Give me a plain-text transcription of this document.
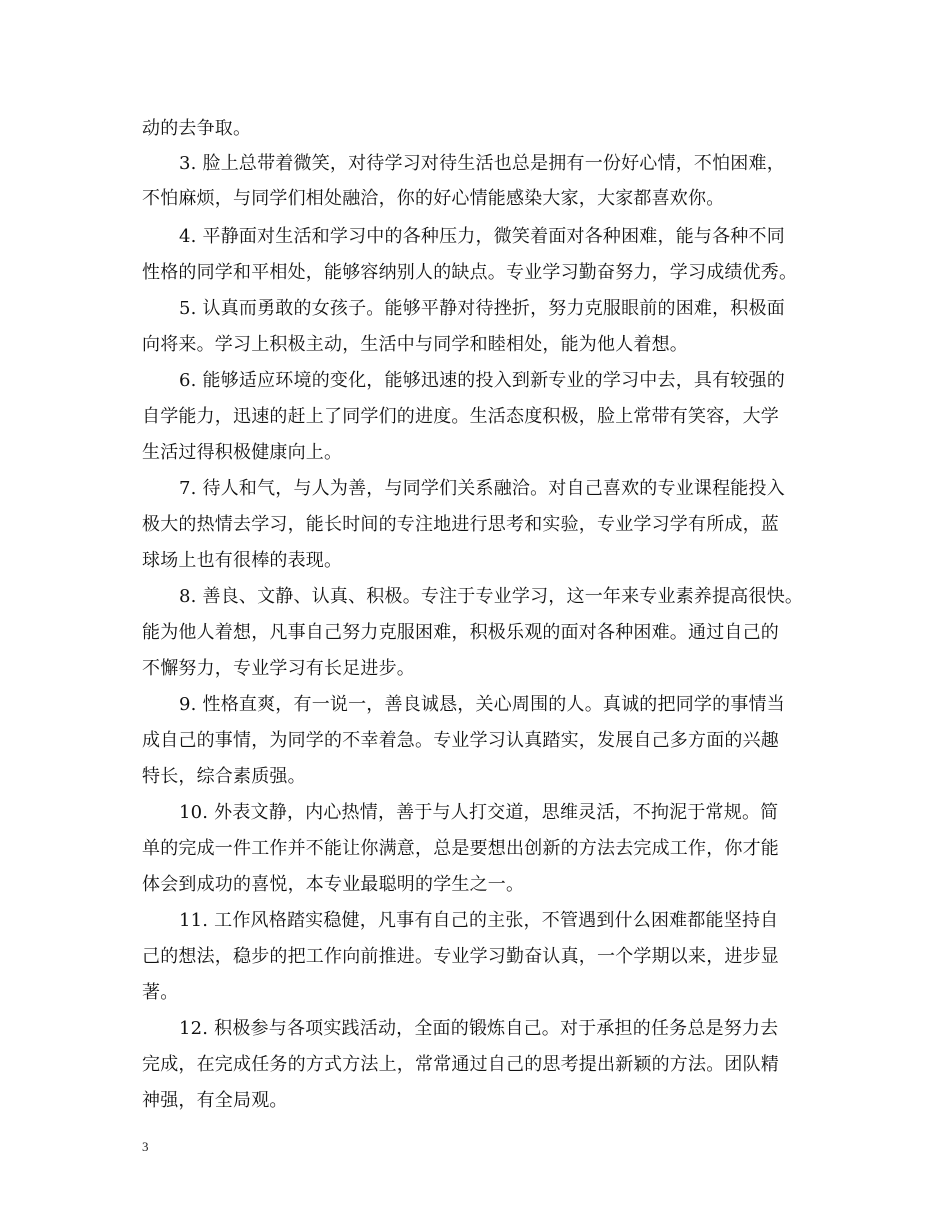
动的去争取。
3. 脸上总带着微笑，对待学习对待生活也总是拥有一份好心情，不怕困难，
不怕麻烦，与同学们相处融洽，你的好心情能感染大家，大家都喜欢你。
4. 平静面对生活和学习中的各种压力，微笑着面对各种困难，能与各种不同
性格的同学和平相处，能够容纳别人的缺点。专业学习勤奋努力，学习成绩优秀。
5. 认真而勇敢的女孩子。能够平静对待挫折，努力克服眼前的困难，积极面
向将来。学习上积极主动，生活中与同学和睦相处，能为他人着想。
6. 能够适应环境的变化，能够迅速的投入到新专业的学习中去，具有较强的
自学能力，迅速的赶上了同学们的进度。生活态度积极，脸上常带有笑容，大学
生活过得积极健康向上。
7. 待人和气，与人为善，与同学们关系融洽。对自己喜欢的专业课程能投入
极大的热情去学习，能长时间的专注地进行思考和实验，专业学习学有所成，蓝
球场上也有很棒的表现。
8. 善良、文静、认真、积极。专注于专业学习，这一年来专业素养提高很快。
能为他人着想，凡事自己努力克服困难，积极乐观的面对各种困难。通过自己的
不懈努力，专业学习有长足进步。
9. 性格直爽，有一说一，善良诚恳，关心周围的人。真诚的把同学的事情当
成自己的事情，为同学的不幸着急。专业学习认真踏实，发展自己多方面的兴趣
特长，综合素质强。
10. 外表文静，内心热情，善于与人打交道，思维灵活，不拘泥于常规。简
单的完成一件工作并不能让你满意，总是要想出创新的方法去完成工作，你才能
体会到成功的喜悦，本专业最聪明的学生之一。
11. 工作风格踏实稳健，凡事有自己的主张，不管遇到什么困难都能坚持自
己的想法，稳步的把工作向前推进。专业学习勤奋认真，一个学期以来，进步显
著。
12. 积极参与各项实践活动，全面的锻炼自己。对于承担的任务总是努力去
完成，在完成任务的方式方法上，常常通过自己的思考提出新颖的方法。团队精
神强，有全局观。
3
